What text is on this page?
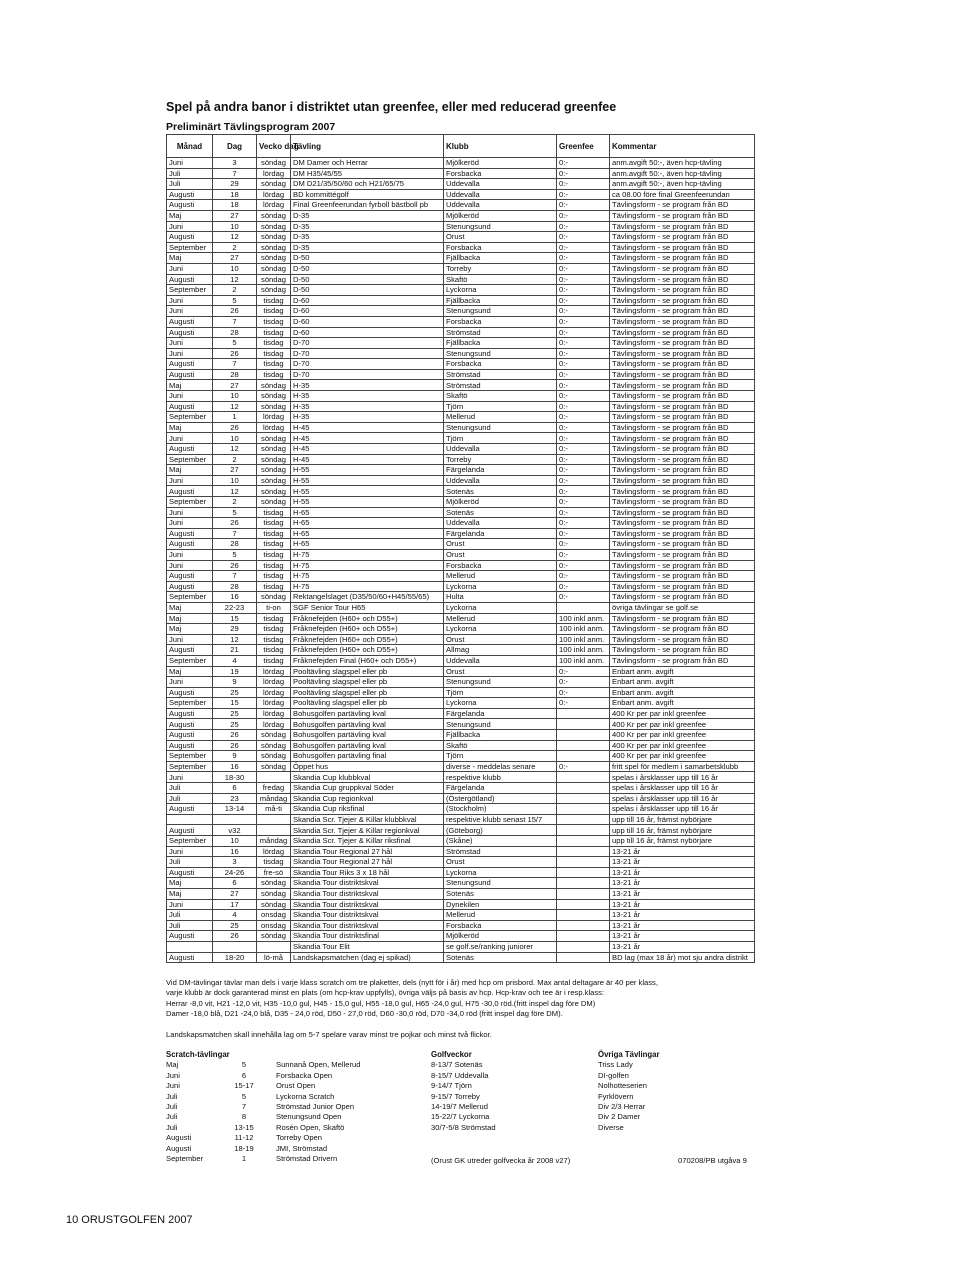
Spel på andra banor i distriktet utan greenfee, eller med reducerad greenfee
Preliminärt Tävlingsprogram 2007
Månad	Dag	Vecko dag	Tävling	Klubb	Greenfee	Kommentar
Juni	3	söndag	DM Damer och Herrar	Mjölkeröd	0:-	anm.avgift 50:-, även hcp-tävling
Juli	7	lördag	DM H35/45/55	Forsbacka	0:-	anm.avgift 50:-, även hcp-tävling
Juli	29	söndag	DM D21/35/50/60 och H21/65/75	Uddevalla	0:-	anm.avgift 50:-, även hcp-tävling
Augusti	18	lördag	BD kommittégolf	Uddevalla	0:-	ca 08.00 före final Greenfeerundan
Augusti	18	lördag	Final Greenfeerundan fyrboll bästboll pb	Uddevalla	0:-	Tävlingsform - se program från BD
Maj	27	söndag	D-35	Mjölkeröd	0:-	Tävlingsform - se program från BD
Juni	10	söndag	D-35	Stenungsund	0:-	Tävlingsform - se program från BD
Augusti	12	söndag	D-35	Orust	0:-	Tävlingsform - se program från BD
September	2	söndag	D-35	Forsbacka	0:-	Tävlingsform - se program från BD
Maj	27	söndag	D-50	Fjällbacka	0:-	Tävlingsform - se program från BD
Juni	10	söndag	D-50	Torreby	0:-	Tävlingsform - se program från BD
Augusti	12	söndag	D-50	Skaftö	0:-	Tävlingsform - se program från BD
September	2	söndag	D-50	Lyckorna	0:-	Tävlingsform - se program från BD
Juni	5	tisdag	D-60	Fjällbacka	0:-	Tävlingsform - se program från BD
Juni	26	tisdag	D-60	Stenungsund	0:-	Tävlingsform - se program från BD
Augusti	7	tisdag	D-60	Forsbacka	0:-	Tävlingsform - se program från BD
Augusti	28	tisdag	D-60	Strömstad	0:-	Tävlingsform - se program från BD
Juni	5	tisdag	D-70	Fjällbacka	0:-	Tävlingsform - se program från BD
Juni	26	tisdag	D-70	Stenungsund	0:-	Tävlingsform - se program från BD
Augusti	7	tisdag	D-70	Forsbacka	0:-	Tävlingsform - se program från BD
Augusti	28	tisdag	D-70	Strömstad	0:-	Tävlingsform - se program från BD
Maj	27	söndag	H-35	Strömstad	0:-	Tävlingsform - se program från BD
Juni	10	söndag	H-35	Skaftö	0:-	Tävlingsform - se program från BD
Augusti	12	söndag	H-35	Tjörn	0:-	Tävlingsform - se program från BD
September	1	lördag	H-35	Mellerud	0:-	Tävlingsform - se program från BD
Maj	26	lördag	H-45	Stenungsund	0:-	Tävlingsform - se program från BD
Juni	10	söndag	H-45	Tjörn	0:-	Tävlingsform - se program från BD
Augusti	12	söndag	H-45	Uddevalla	0:-	Tävlingsform - se program från BD
September	2	söndag	H-45	Torreby	0:-	Tävlingsform - se program från BD
Maj	27	söndag	H-55	Färgelanda	0:-	Tävlingsform - se program från BD
Juni	10	söndag	H-55	Uddevalla	0:-	Tävlingsform - se program från BD
Augusti	12	söndag	H-55	Sotenäs	0:-	Tävlingsform - se program från BD
September	2	söndag	H-55	Mjölkeröd	0:-	Tävlingsform - se program från BD
Juni	5	tisdag	H-65	Sotenäs	0:-	Tävlingsform - se program från BD
Juni	26	tisdag	H-65	Uddevalla	0:-	Tävlingsform - se program från BD
Augusti	7	tisdag	H-65	Färgelanda	0:-	Tävlingsform - se program från BD
Augusti	28	tisdag	H-65	Orust	0:-	Tävlingsform - se program från BD
Juni	5	tisdag	H-75	Orust	0:-	Tävlingsform - se program från BD
Juni	26	tisdag	H-75	Forsbacka	0:-	Tävlingsform - se program från BD
Augusti	7	tisdag	H-75	Mellerud	0:-	Tävlingsform - se program från BD
Augusti	28	tisdag	H-75	Lyckorna	0:-	Tävlingsform - se program från BD
September	16	söndag	Rektangelslaget (D35/50/60+H45/55/65)	Hulta	0:-	Tävlingsform - se program från BD
Maj	22-23	ti-on	SGF Senior Tour H65	Lyckorna		övriga tävlingar se golf.se
Maj	15	tisdag	Fråknefejden (H60+ och D55+)	Mellerud	100 inkl anm.	Tävlingsform - se program från BD
Maj	29	tisdag	Fråknefejden (H60+ och D55+)	Lyckorna	100 inkl anm.	Tävlingsform - se program från BD
Juni	12	tisdag	Fråknefejden (H60+ och D55+)	Orust	100 inkl anm.	Tävlingsform - se program från BD
Augusti	21	tisdag	Fråknefejden (H60+ och D55+)	Allmag	100 inkl anm.	Tävlingsform - se program från BD
September	4	tisdag	Fråknefejden Final (H60+ och D55+)	Uddevalla	100 inkl anm.	Tävlingsform - se program från BD
Maj	19	lördag	Pooltävling slagspel eller pb	Orust	0:-	Enbart anm. avgift
Juni	9	lördag	Pooltävling slagspel eller pb	Stenungsund	0:-	Enbart anm. avgift
Augusti	25	lördag	Pooltävling slagspel eller pb	Tjörn	0:-	Enbart anm. avgift
September	15	lördag	Pooltävling slagspel eller pb	Lyckorna	0:-	Enbart anm. avgift
Augusti	25	lördag	Bohusgolfen partävling kval	Färgelanda		400 Kr per par inkl greenfee
Augusti	25	lördag	Bohusgolfen partävling kval	Stenungsund		400 Kr per par inkl greenfee
Augusti	26	söndag	Bohusgolfen partävling kval	Fjällbacka		400 Kr per par inkl greenfee
Augusti	26	söndag	Bohusgolfen partävling kval	Skaftö		400 Kr per par inkl greenfee
September	9	söndag	Bohusgolfen partävling final	Tjörn		400 Kr per par inkl greenfee
September	16	söndag	Öppet hus	diverse - meddelas senare	0:-	fritt spel för medlem i samarbetsklubb
Juni	18-30		Skandia Cup klubbkval	respektive klubb		spelas i årsklasser upp till 16 år
Juli	6	fredag	Skandia Cup gruppkval Söder	Färgelanda		spelas i årsklasser upp till 16 år
Juli	23	måndag	Skandia Cup regionkval	(Östergötland)		spelas i årsklasser upp till 16 år
Augusti	13-14	må-ti	Skandia Cup riksfinal	(Stockholm)		spelas i årsklasser upp till 16 år
			Skandia Scr. Tjejer & Killar klubbkval	respektive klubb senast 15/7		upp till 16 år, främst nybörjare
Augusti	v32		Skandia Scr. Tjejer & Killar regionkval	(Göteborg)		upp till 16 år, främst nybörjare
September	10	måndag	Skandia Scr. Tjejer & Killar riksfinal	(Skåne)		upp till 16 år, främst nybörjare
Juni	16	lördag	Skandia Tour Regional 27 hål	Strömstad		13-21 år
Juli	3	tisdag	Skandia Tour Regional 27 hål	Orust		13-21 år
Augusti	24-26	fre-sö	Skandia Tour Riks 3 x 18 hål	Lyckorna		13-21 år
Maj	6	söndag	Skandia Tour distriktskval	Stenungsund		13-21 år
Maj	27	söndag	Skandia Tour distriktskval	Sotenäs		13-21 år
Juni	17	söndag	Skandia Tour distriktskval	Dynekilen		13-21 år
Juli	4	onsdag	Skandia Tour distriktskval	Mellerud		13-21 år
Juli	25	onsdag	Skandia Tour distriktskval	Forsbacka		13-21 år
Augusti	26	söndag	Skandia Tour distriktsfinal	Mjölkeröd		13-21 år
			Skandia Tour Elit	se golf.se/ranking juniorer		13-21 år
Augusti	18-20	lö-må	Landskapsmatchen (dag ej spikad)	Sotenäs		BD lag (max 18 år) mot sju andra distrikt

Vid DM-tävlingar tävlar man dels i varje klass scratch om tre plaketter, dels (nytt för i år) med hcp om prisbord. Max antal deltagare är 40 per klass,

varje klubb är dock garanterad minst en plats (om hcp-krav uppfylls), övriga väljs på basis av hcp. Hcp-krav och tee är i resp.klass:

Herrar -8,0 vit, H21 -12,0 vit, H35 -10,0 gul, H45 - 15,0 gul, H55 -18,0 gul, H65 -24,0 gul, H75 -30,0 röd.(fritt inspel dag före DM)

Damer -18,0 blå, D21 -24,0 blå, D35 - 24,0 röd, D50 - 27,0 röd, D60 -30,0 röd, D70 -34,0 röd (fritt inspel dag före DM).

Landskapsmatchen skall innehålla lag om 5-7 spelare varav minst tre pojkar och minst två flickor.

Scratch-tävlingar			Golfveckor	Övriga Tävlingar
Maj	5	Sunnanå Open, Mellerud	8-13/7 Sotenäs	Triss Lady
Juni	6	Forsbacka Open	8-15/7 Uddevalla	DI-golfen
Juni	15-17	Orust Open	9-14/7 Tjörn	Nolhotteserien
Juli	5	Lyckorna Scratch	9-15/7 Torreby	Fyrklövern
Juli	7	Strömstad Junior Open	14-19/7 Mellerud	Div 2/3 Herrar
Juli	8	Stenungsund Open	15-22/7 Lyckorna	Div 2 Damer
Juli	13-15	Rosén Open, Skaftö	30/7-5/8 Strömstad	Diverse
Augusti	11-12	Torreby Open		
Augusti	18-19	JMI, Strömstad		
September	1	Strömstad Drivern			(Orust GK utreder golfvecka år 2008 v27)	070208/PB utgåva 9
10 ORUSTGOLFEN 2007
